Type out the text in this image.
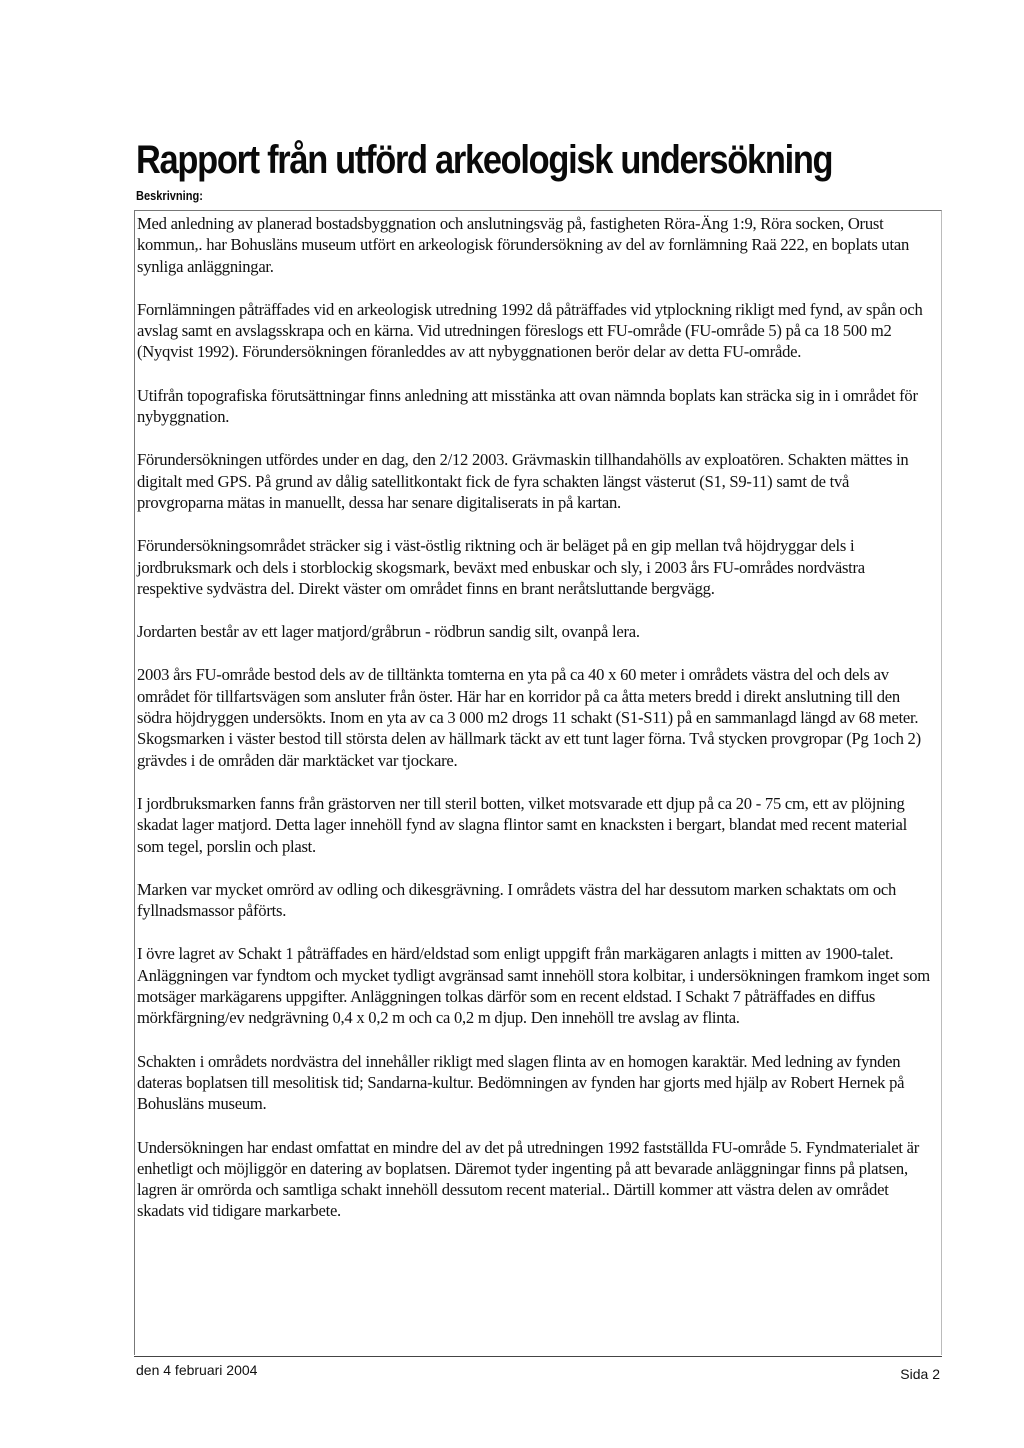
Rapport från utförd arkeologisk undersökning
Beskrivning:

Med anledning av planerad bostadsbyggnation och anslutningsväg på, fastigheten Röra-Äng 1:9, Röra socken, Orust kommun,. har Bohusläns museum utfört en arkeologisk förundersökning av del av fornlämning Raä 222, en boplats utan synliga anläggningar.

Fornlämningen påträffades vid en arkeologisk utredning 1992 då påträffades vid ytplockning rikligt med fynd, av spån och avslag samt en avslagsskrapa och en kärna. Vid utredningen föreslogs ett FU-område (FU-område 5) på ca 18 500 m2 (Nyqvist 1992). Förundersökningen föranleddes av att nybyggnationen berör delar av detta FU-område.

Utifrån topografiska förutsättningar finns anledning att misstänka att ovan nämnda boplats kan sträcka sig in i området för nybyggnation.

Förundersökningen utfördes under en dag, den 2/12 2003. Grävmaskin tillhandahölls av exploatören. Schakten mättes in digitalt med GPS. På grund av dålig satellitkontakt fick de fyra schakten längst västerut (S1, S9-11) samt de två provgroparna mätas in manuellt, dessa har senare digitaliserats in på kartan.

Förundersökningsområdet sträcker sig i väst-östlig riktning och är beläget på en gip mellan två höjdryggar dels i jordbruksmark och dels i storblockig skogsmark, beväxt med enbuskar och sly, i 2003 års FU-områdes nordvästra respektive sydvästra del. Direkt väster om området finns en brant neråtsluttande bergvägg.

Jordarten består av ett lager matjord/gråbrun - rödbrun sandig silt, ovanpå lera.

2003 års FU-område bestod dels av de tilltänkta tomterna en yta på ca 40 x 60 meter i områdets västra del och dels av området för tillfartsvägen som ansluter från öster. Här har en korridor på ca åtta meters bredd i direkt anslutning till den södra höjdryggen undersökts. Inom en yta av ca 3 000 m2 drogs 11 schakt (S1-S11) på en sammanlagd längd av 68 meter. Skogsmarken i väster bestod till största delen av hällmark täckt av ett tunt lager förna. Två stycken provgropar (Pg 1och 2) grävdes i de områden där marktäcket var tjockare.

I jordbruksmarken fanns från grästorven ner till steril botten, vilket motsvarade ett djup på ca 20 - 75 cm, ett av plöjning skadat lager matjord. Detta lager innehöll fynd av slagna flintor samt en knacksten i bergart, blandat med recent material som tegel, porslin och plast.

Marken var mycket omrörd av odling och dikesgrävning. I områdets västra del har dessutom marken schaktats om och fyllnadsmassor påförts.

I övre lagret av Schakt 1 påträffades en härd/eldstad som enligt uppgift från markägaren anlagts i mitten av 1900-talet. Anläggningen var fyndtom och mycket tydligt avgränsad samt innehöll stora kolbitar, i undersökningen framkom inget som motsäger markägarens uppgifter. Anläggningen tolkas därför som en recent eldstad. I Schakt 7 påträffades en diffus mörkfärgning/ev nedgrävning 0,4 x 0,2 m och ca 0,2 m djup. Den innehöll tre avslag av flinta.

Schakten i områdets nordvästra del innehåller rikligt med slagen flinta av en homogen karaktär. Med ledning av fynden dateras boplatsen till mesolitisk tid; Sandarna-kultur. Bedömningen av fynden har gjorts med hjälp av Robert Hernek på Bohusläns museum.

Undersökningen har endast omfattat en mindre del av det på utredningen 1992 fastställda FU-område 5. Fyndmaterialet är enhetligt och möjliggör en datering av boplatsen. Däremot tyder ingenting på att bevarade anläggningar finns på platsen, lagren är omrörda och samtliga schakt innehöll dessutom recent material.. Därtill kommer att västra delen av området skadats vid tidigare markarbete.

den 4 februari 2004	Sida 2
